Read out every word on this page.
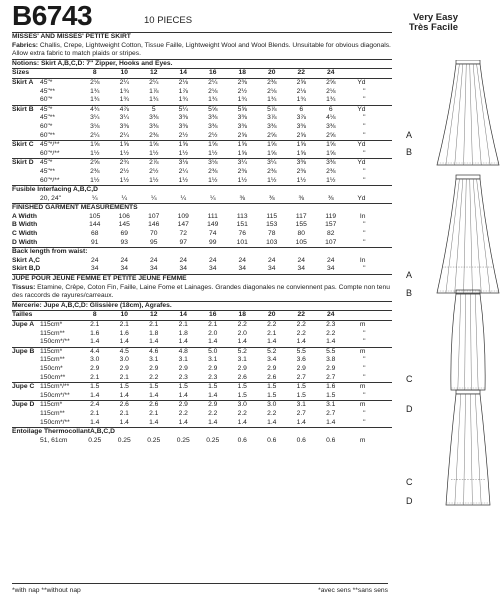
B6743	10 PIECES	Very Easy
Très Facile
MISSES' AND MISSES' PETITE SKIRT
Fabrics: Challis, Crepe, Lightweight Cotton, Tissue Faille, Lightweight Wool and Wool Blends. Unsuitable for obvious diagonals. Allow extra fabric to match plaids or stripes.
Notions: Skirt A,B,C,D: 7" Zipper, Hooks and Eyes.
Sizes	8	10	12	14	16	18	20	22	24
Skirt A 45"*	2⅛	2¼	2¼	2⅛	2¼	2⅜	2⅜	2⅝	2⅝	Yd
45"**	1¾	1¾	1⅞	1⅞	2⅛	2½	2⅛	2⅛	2⅛	"
60"*	1¾	1¾	1¾	1¾	1¾	1¾	1¾	1¾	1¾	"
Skirt B 45"*	4¾	4⅞	5	5¼	5⅝	5⅝	5⅞	6	6	Yd
45"**	3¼	3¼	3⅜	3⅜	3⅜	3⅜	3⅞	3⅞	4⅛	"
60"*	3⅛	3⅜	3⅜	3⅜	3⅜	3⅜	3⅜	3⅜	3⅜	"
60"**	2¼	2¼	2⅜	2½	2½	2⅝	2⅝	2⅝	2⅝	"
Skirt C 45"*/**	1⅝	1⅝	1⅝	1⅝	1⅝	1⅝	1⅝	1⅝	1⅝	Yd
60"*/**	1½	1½	1½	1½	1½	1⅝	1⅝	1⅝	1⅝	"
Skirt D 45"*	2⅝	2¾	2⅞	3⅛	3⅛	3¼	3¼	3⅜	3⅜	Yd
45"**	2⅜	2½	2½	2¼	2⅜	2⅜	2⅜	2⅜	2⅜	"
60"*/**	1½	1½	1½	1½	1½	1½	1½	1½	1½	"
Fusible Interfacing A,B,C,D
20, 24"	¼	¼	¼	¼	¼	⅜	⅜	⅜	⅜	Yd
FINISHED GARMENT MEASUREMENTS
A Width	105	106	107	109	111	113	115	117	119	In
B Width	144	145	146	147	149	151	153	155	157	"
C Width	68	69	70	72	74	76	78	80	82	"
D Width	91	93	95	97	99	101	103	105	107	"
Back length from waist:
Skirt A,C	24	24	24	24	24	24	24	24	24	In
Skirt B,D	34	34	34	34	34	34	34	34	34	"
JUPE POUR JEUNE FEMME ET PETITE JEUNE FEMME
Tissus: Etamine, Crêpe, Coton Fin, Faille, Laine Fome et Lainages. Grandes diagonales ne conviennent pas. Compte non tenu des raccords de rayures/carreaux.
Mercerie: Jupe A,B,C,D: Glissière (18cm), Agrafes.
Tailles	8	10	12	14	16	18	20	22	24
Jupe A 115cm*	2.1	2.1	2.1	2.1	2.1	2.2	2.2	2.2	2.3	m
115cm**	1.6	1.6	1.8	1.8	2.0	2.0	2.1	2.2	2.2	"
150cm*/**	1.4	1.4	1.4	1.4	1.4	1.4	1.4	1.4	1.4	"
Jupe B 115cm*	4.4	4.5	4.6	4.8	5.0	5.2	5.2	5.5	5.5	m
115cm**	3.0	3.0	3.1	3.1	3.1	3.1	3.4	3.6	3.8	"
150cm*	2.9	2.9	2.9	2.9	2.9	2.9	2.9	2.9	2.9	"
150cm**	2.1	2.1	2.2	2.3	2.3	2.6	2.6	2.7	2.7	"
Jupe C 115cm*/**	1.5	1.5	1.5	1.5	1.5	1.5	1.5	1.5	1.6	m
150cm*/**	1.4	1.4	1.4	1.4	1.4	1.5	1.5	1.5	1.5	"
Jupe D 115cm*	2.4	2.6	2.6	2.9	2.9	3.0	3.0	3.1	3.1	m
115cm**	2.1	2.1	2.1	2.2	2.2	2.2	2.2	2.7	2.7	"
150cm*/**	1.4	1.4	1.4	1.4	1.4	1.4	1.4	1.4	1.4	"
Entoilage ThermocollantA,B,C,D
51, 61cm	0.25	0.25	0.25	0.25	0.25	0.6	0.6	0.6	0.6	m
*with nap **without nap	*avec sens **sans sens
A
B
A
B
C
D
C
D
